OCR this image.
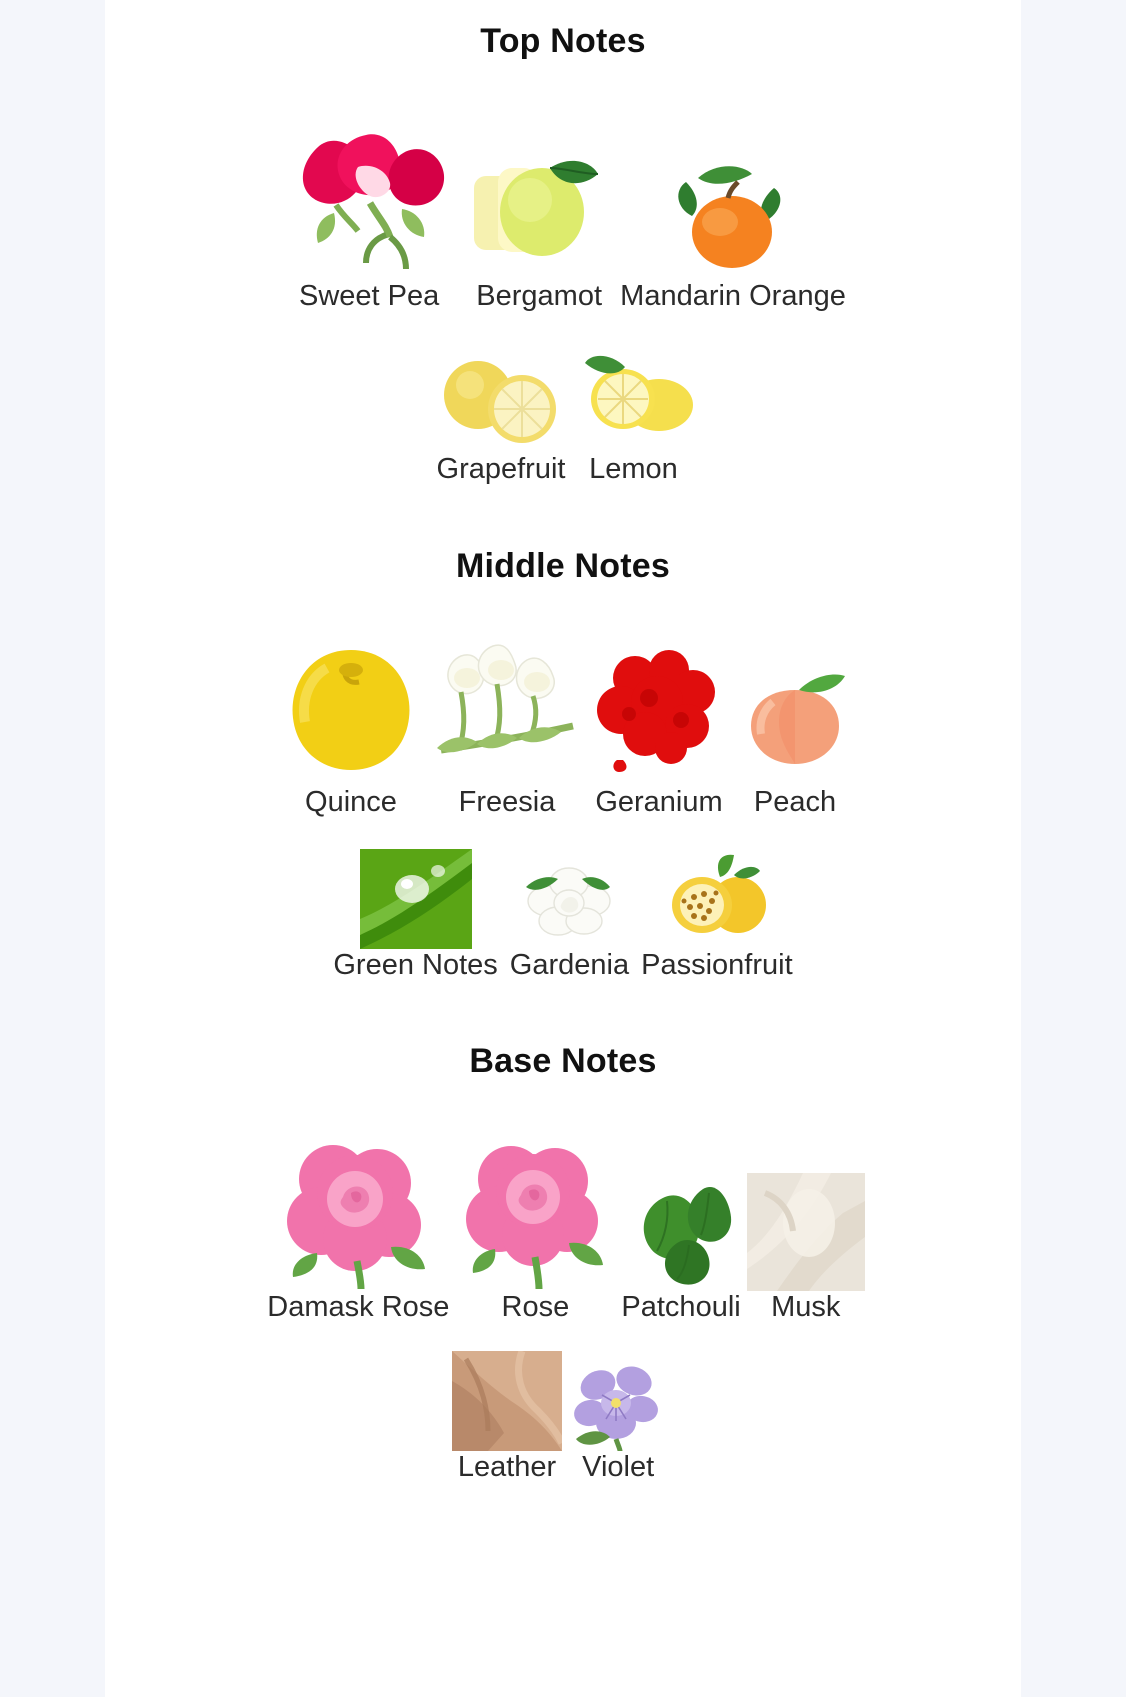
Top Notes
Sweet Pea Bergamot Mandarin Orange
Grapefruit Lemon
Middle Notes
Quince Freesia Geranium Peach
Green Notes Gardenia Passionfruit
Base Notes
Damask Rose Rose Patchouli Musk
Leather Violet
